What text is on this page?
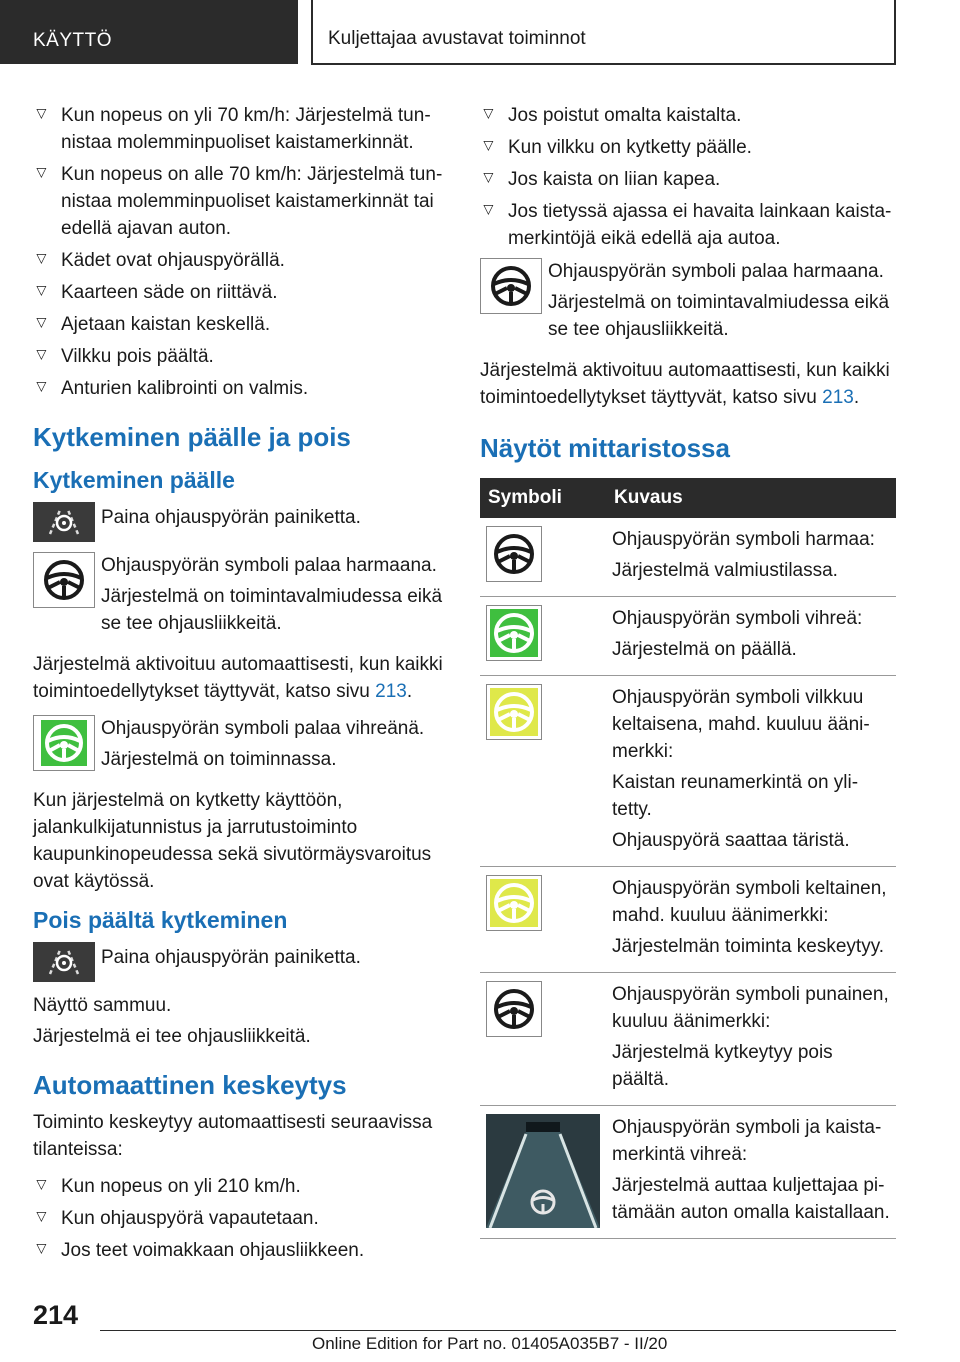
KÄYTTÖ	Kuljettajaa avustavat toiminnot
▷ Kun nopeus on yli 70 km/h: Järjestelmä tunnistaa molemminpuoliset kaistamerkinnät.
▷ Kun nopeus on alle 70 km/h: Järjestelmä tunnistaa molemminpuoliset kaistamerkinnät tai edellä ajavan auton.
▷ Kädet ovat ohjauspyörällä.
▷ Kaarteen säde on riittävä.
▷ Ajetaan kaistan keskellä.
▷ Vilkku pois päältä.
▷ Anturien kalibrointi on valmis.
Kytkeminen päälle ja pois
Kytkeminen päälle
Paina ohjauspyörän painiketta.
Ohjauspyörän symboli palaa harmaana.
Järjestelmä on toimintavalmiudessa eikä se tee ohjausliikkeitä.
Järjestelmä aktivoituu automaattisesti, kun kaikki toimintoedellytykset täyttyvät, katso sivu 213.
Ohjauspyörän symboli palaa vihreänä.
Järjestelmä on toiminnassa.
Kun järjestelmä on kytketty käyttöön, jalankulkijatunnistus ja jarrutustoiminto kaupunkinopeudessa sekä sivutörmäysvaroitus ovat käytössä.
Pois päältä kytkeminen
Paina ohjauspyörän painiketta.
Näyttö sammuu.
Järjestelmä ei tee ohjausliikkeitä.
Automaattinen keskeytys
Toiminto keskeytyy automaattisesti seuraavissa tilanteissa:
▷ Kun nopeus on yli 210 km/h.
▷ Kun ohjauspyörä vapautetaan.
▷ Jos teet voimakkaan ohjausliikkeen.
▷ Jos poistut omalta kaistalta.
▷ Kun vilkku on kytketty päälle.
▷ Jos kaista on liian kapea.
▷ Jos tietyssä ajassa ei havaita lainkaan kaistamerkintöjä eikä edellä aja autoa.
Ohjauspyörän symboli palaa harmaana.
Järjestelmä on toimintavalmiudessa eikä se tee ohjausliikkeitä.
Järjestelmä aktivoituu automaattisesti, kun kaikki toimintoedellytykset täyttyvät, katso sivu 213.
Näytöt mittaristossa
Symboli	Kuvaus

Ohjauspyörän symboli harmaa:
Järjestelmä valmiustilassa.

Ohjauspyörän symboli vihreä:
Järjestelmä on päällä.

Ohjauspyörän symboli vilkkuu keltaisena, mahd. kuuluu äänimerkki:
Kaistan reunamerkintä on ylitetty.
Ohjauspyörä saattaa täristä.

Ohjauspyörän symboli keltainen, mahd. kuuluu äänimerkki:
Järjestelmän toiminta keskeytyy.

Ohjauspyörän symboli punainen, kuuluu äänimerkki:
Järjestelmä kytkeytyy pois päältä.

Ohjauspyörän symboli ja kaistamerkintä vihreä:
Järjestelmä auttaa kuljettajaa pitämään auton omalla kaistallaan.
214
Online Edition for Part no. 01405A035B7 - II/20
